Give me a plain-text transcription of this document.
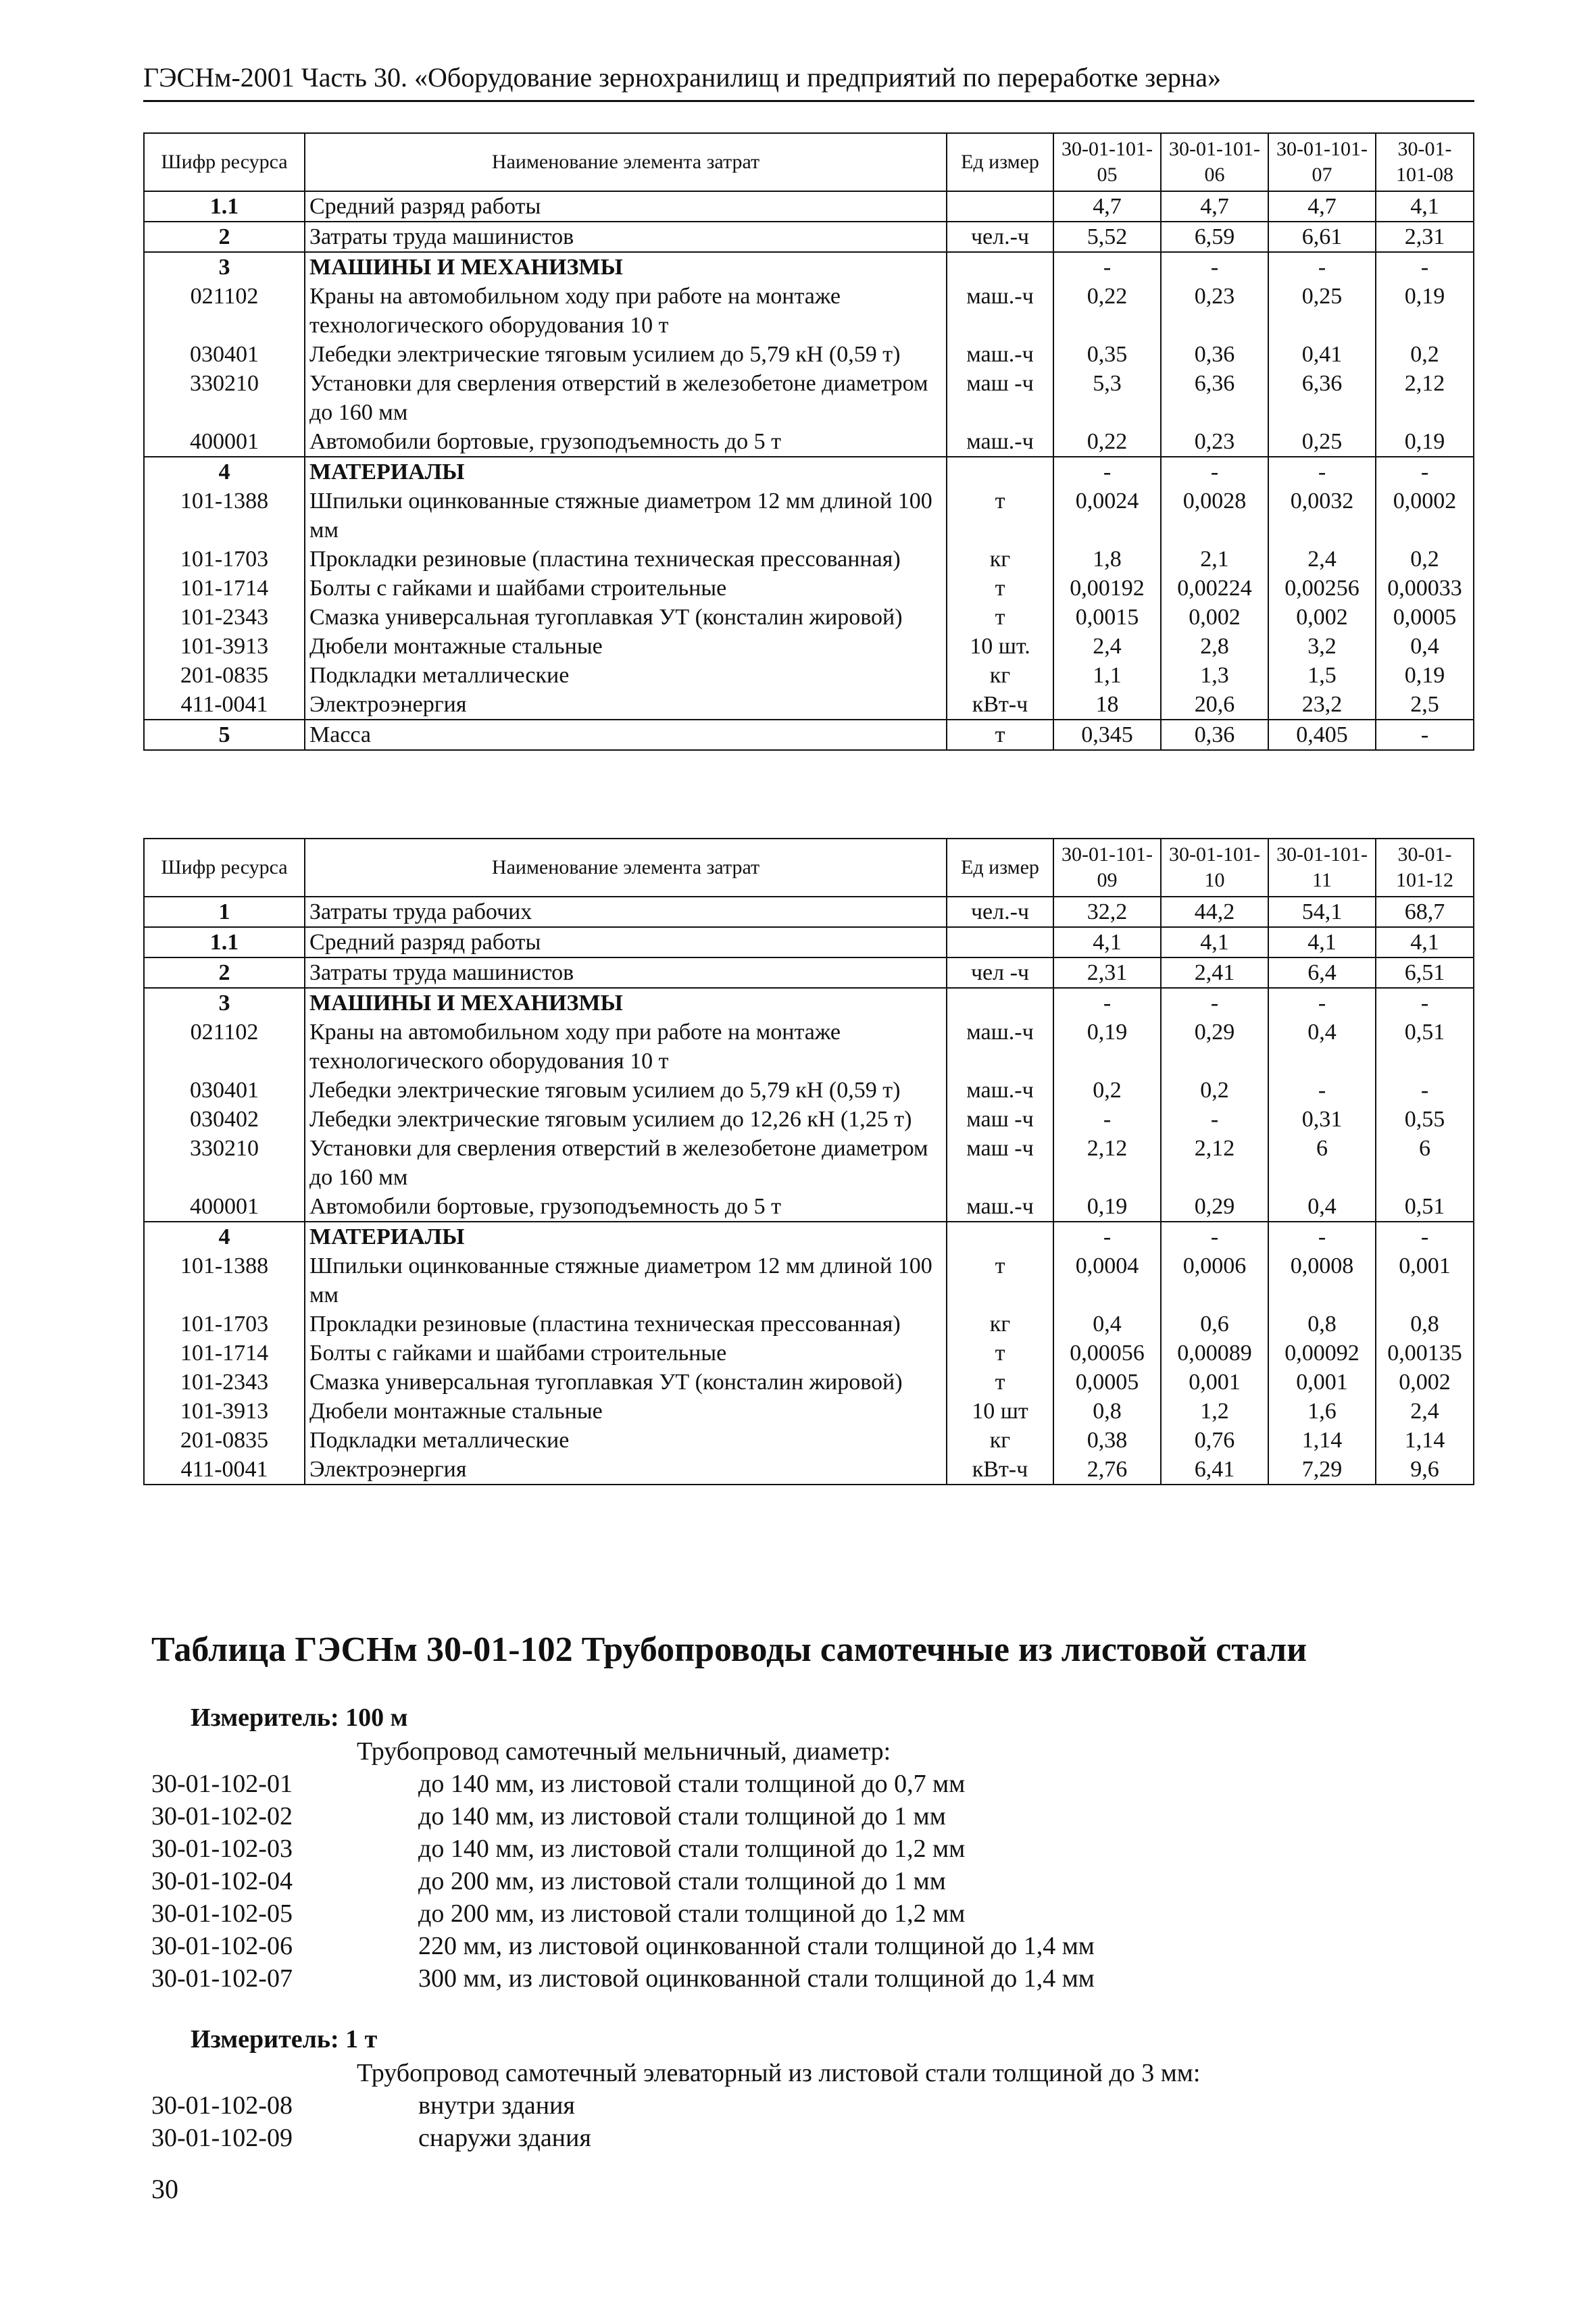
ГЭСНм-2001 Часть 30. «Оборудование зернохранилищ и предприятий по переработке зерна»
Шифр ресурса	Наименование элемента затрат	Ед измер	30-01-101-05	30-01-101-06	30-01-101-07	30-01-101-08
1.1	Средний разряд работы		4,7	4,7	4,7	4,1
2	Затраты труда машинистов	чел.-ч	5,52	6,59	6,61	2,31
3	МАШИНЫ И МЕХАНИЗМЫ		-	-	-	-
021102	Краны на автомобильном ходу при работе на монтаже технологического оборудования 10 т	маш.-ч	0,22	0,23	0,25	0,19
030401	Лебедки электрические тяговым усилием до 5,79 кН (0,59 т)	маш.-ч	0,35	0,36	0,41	0,2
330210	Установки для сверления отверстий в железобетоне диаметром до 160 мм	маш -ч	5,3	6,36	6,36	2,12
400001	Автомобили бортовые, грузоподъемность до 5 т	маш.-ч	0,22	0,23	0,25	0,19
4	МАТЕРИАЛЫ		-	-	-	-
101-1388	Шпильки оцинкованные стяжные диаметром 12 мм длиной 100 мм	т	0,0024	0,0028	0,0032	0,0002
101-1703	Прокладки резиновые (пластина техническая прессованная)	кг	1,8	2,1	2,4	0,2
101-1714	Болты с гайками и шайбами строительные	т	0,00192	0,00224	0,00256	0,00033
101-2343	Смазка универсальная тугоплавкая УТ (консталин жировой)	т	0,0015	0,002	0,002	0,0005
101-3913	Дюбели монтажные стальные	10 шт.	2,4	2,8	3,2	0,4
201-0835	Подкладки металлические	кг	1,1	1,3	1,5	0,19
411-0041	Электроэнергия	кВт-ч	18	20,6	23,2	2,5
5	Масса	т	0,345	0,36	0,405	-
Шифр ресурса	Наименование элемента затрат	Ед измер	30-01-101-09	30-01-101-10	30-01-101-11	30-01-101-12
1	Затраты труда рабочих	чел.-ч	32,2	44,2	54,1	68,7
1.1	Средний разряд работы		4,1	4,1	4,1	4,1
2	Затраты труда машинистов	чел -ч	2,31	2,41	6,4	6,51
3	МАШИНЫ И МЕХАНИЗМЫ		-	-	-	-
021102	Краны на автомобильном ходу при работе на монтаже технологического оборудования 10 т	маш.-ч	0,19	0,29	0,4	0,51
030401	Лебедки электрические тяговым усилием до 5,79 кН (0,59 т)	маш.-ч	0,2	0,2	-	-
030402	Лебедки электрические тяговым усилием до 12,26 кН (1,25 т)	маш -ч	-	-	0,31	0,55
330210	Установки для сверления отверстий в железобетоне диаметром до 160 мм	маш -ч	2,12	2,12	6	6
400001	Автомобили бортовые, грузоподъемность до 5 т	маш.-ч	0,19	0,29	0,4	0,51
4	МАТЕРИАЛЫ		-	-	-	-
101-1388	Шпильки оцинкованные стяжные диаметром 12 мм длиной 100 мм	т	0,0004	0,0006	0,0008	0,001
101-1703	Прокладки резиновые (пластина техническая прессованная)	кг	0,4	0,6	0,8	0,8
101-1714	Болты с гайками и шайбами строительные	т	0,00056	0,00089	0,00092	0,00135
101-2343	Смазка универсальная тугоплавкая УТ (консталин жировой)	т	0,0005	0,001	0,001	0,002
101-3913	Дюбели монтажные стальные	10 шт	0,8	1,2	1,6	2,4
201-0835	Подкладки металлические	кг	0,38	0,76	1,14	1,14
411-0041	Электроэнергия	кВт-ч	2,76	6,41	7,29	9,6
Таблица ГЭСНм 30-01-102 Трубопроводы самотечные из листовой стали
Измеритель: 100 м
Трубопровод самотечный мельничный, диаметр:
30-01-102-01	до 140 мм, из листовой стали толщиной до 0,7 мм
30-01-102-02	до 140 мм, из листовой стали толщиной до 1 мм
30-01-102-03	до 140 мм, из листовой стали толщиной до 1,2 мм
30-01-102-04	до 200 мм, из листовой стали толщиной до 1 мм
30-01-102-05	до 200 мм, из листовой стали толщиной до 1,2 мм
30-01-102-06	220 мм, из листовой оцинкованной стали толщиной до 1,4 мм
30-01-102-07	300 мм, из листовой оцинкованной стали толщиной до 1,4 мм
Измеритель: 1 т
Трубопровод самотечный элеваторный из листовой стали толщиной до 3 мм:
30-01-102-08	внутри здания
30-01-102-09	снаружи здания
30
